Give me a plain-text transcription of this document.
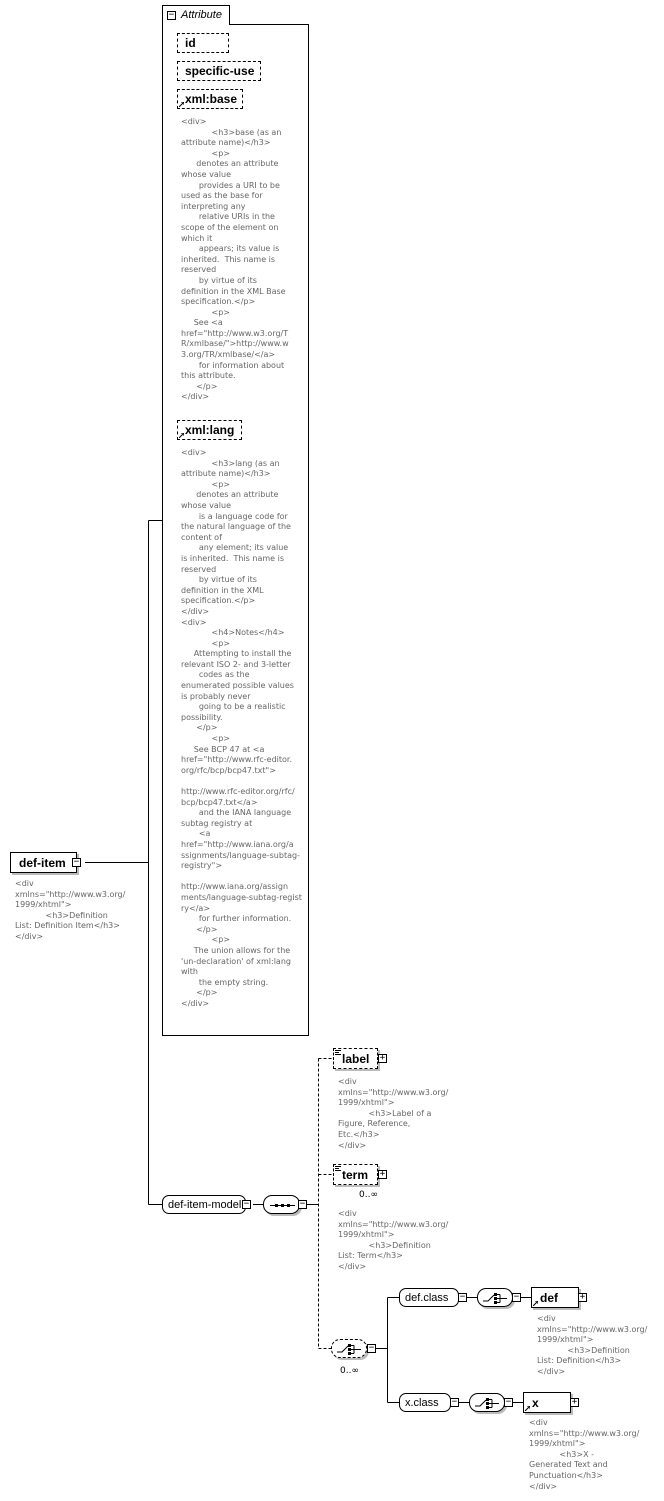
def-item −
<div
xmlns="http://www.w3.org/
1999/xhtml">
<h3>Definition
List: Definition Item</h3>
</div>
− Attribute
id
specific-use
xml:base
<div>
<h3>base (as an
attribute name)</h3>
<p>
denotes an attribute
whose value
provides a URI to be
used as the base for
interpreting any
relative URIs in the
scope of the element on
which it
appears; its value is
inherited.  This name is
reserved
by virtue of its
definition in the XML Base
specification.</p>
<p>
See <a
href="http://www.w3.org/T
R/xmlbase/">http://www.w
3.org/TR/xmlbase/</a>
for information about
this attribute.
</p>
</div>
xml:lang
<div>
<h3>lang (as an
attribute name)</h3>
<p>
denotes an attribute
whose value
is a language code for
the natural language of the
content of
any element; its value
is inherited.  This name is
reserved
by virtue of its
definition in the XML
specification.</p>
</div>
<div>
<h4>Notes</h4>
<p>
Attempting to install the
relevant ISO 2- and 3-letter
codes as the
enumerated possible values
is probably never
going to be a realistic
possibility.
</p>
<p>
See BCP 47 at <a
href="http://www.rfc-editor.
org/rfc/bcp/bcp47.txt">

http://www.rfc-editor.org/rfc/
bcp/bcp47.txt</a>
and the IANA language
subtag registry at
<a
href="http://www.iana.org/a
ssignments/language-subtag-
registry">

http://www.iana.org/assign
ments/language-subtag-regist
ry</a>
for further information.
</p>
<p>
The union allows for the
'un-declaration' of xml:lang
with
the empty string.
</p>
</div>
def-item-model −	−
label +
<div
xmlns="http://www.w3.org/
1999/xhtml">
<h3>Label of a
Figure, Reference,
Etc.</h3>
</div>
term +
0..∞
<div
xmlns="http://www.w3.org/
1999/xhtml">
<h3>Definition
List: Term</h3>
</div>
−
0..∞
def.class −	− def +
<div
xmlns="http://www.w3.org/
1999/xhtml">
<h3>Definition
List: Definition</h3>
</div>
x.class −	− x	+
<div
xmlns="http://www.w3.org/
1999/xhtml">
<h3>X -
Generated Text and
Punctuation</h3>
</div>
